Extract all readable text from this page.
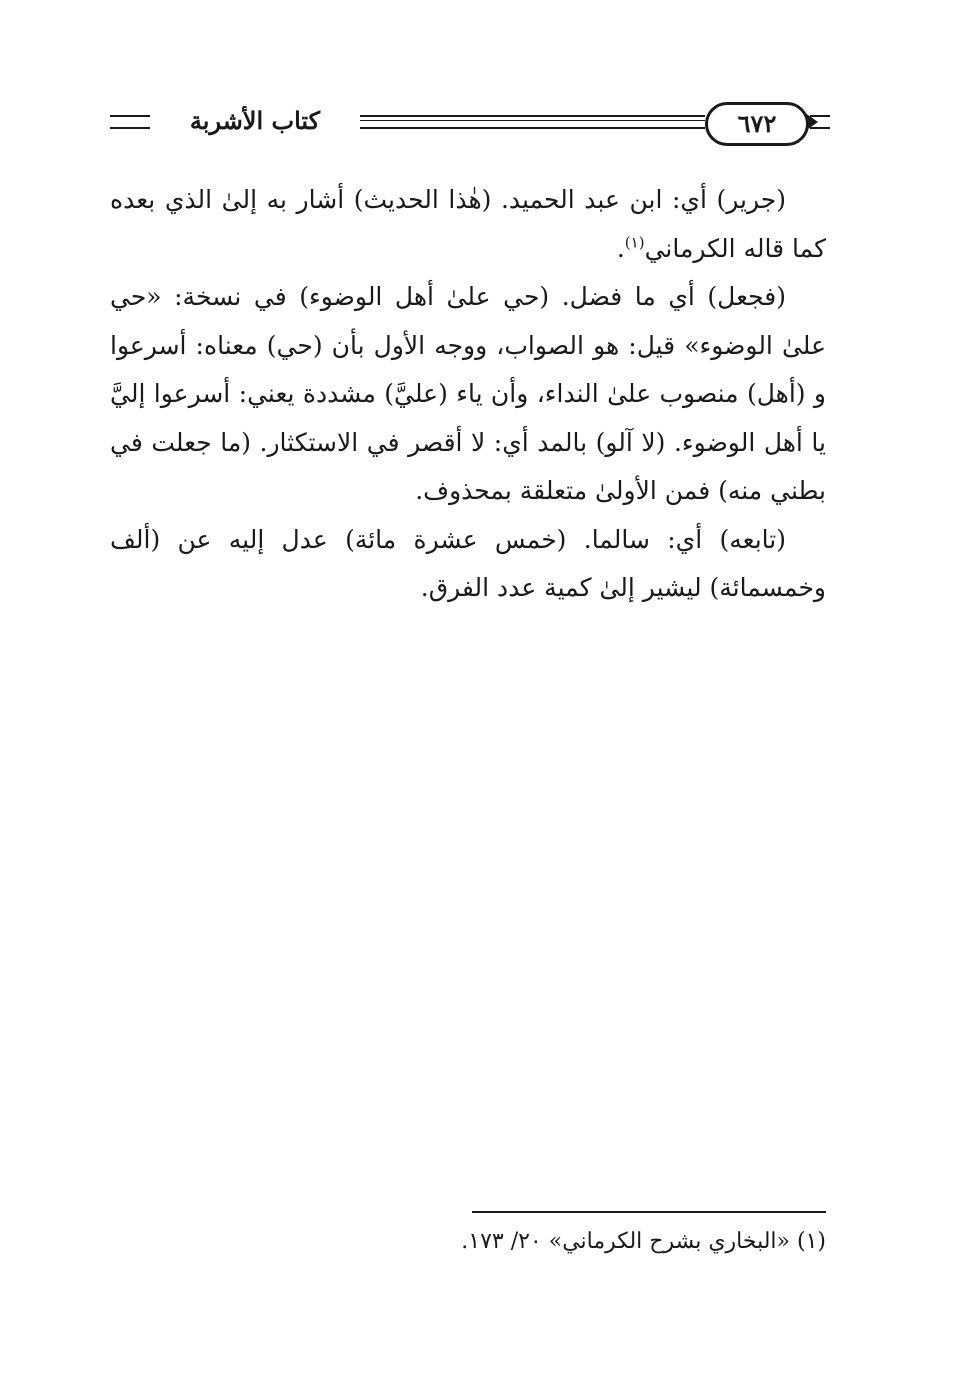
كتاب الأشربة	٦٧٢

(جرير) أي: ابن عبد الحميد. (هٰذا الحديث) أشار به إلىٰ الذي بعده كما قاله الكرماني$^{(١)}$.

(فجعل) أي ما فضل. (حي علىٰ أهل الوضوء) في نسخة: «حي علىٰ الوضوء» قيل: هو الصواب، ووجه الأول بأن (حي) معناه: أسرعوا و (أهل) منصوب علىٰ النداء، وأن ياء (عليَّ) مشددة يعني: أسرعوا إليَّ يا أهل الوضوء. (لا آلو) بالمد أي: لا أقصر في الاستكثار. (ما جعلت في بطني منه) فمن الأولىٰ متعلقة بمحذوف.

(تابعه) أي: سالما. (خمس عشرة مائة) عدل إليه عن (ألف وخمسمائة) ليشير إلىٰ كمية عدد الفرق.

(١) «البخاري بشرح الكرماني» ٢٠/ ١٧٣.
